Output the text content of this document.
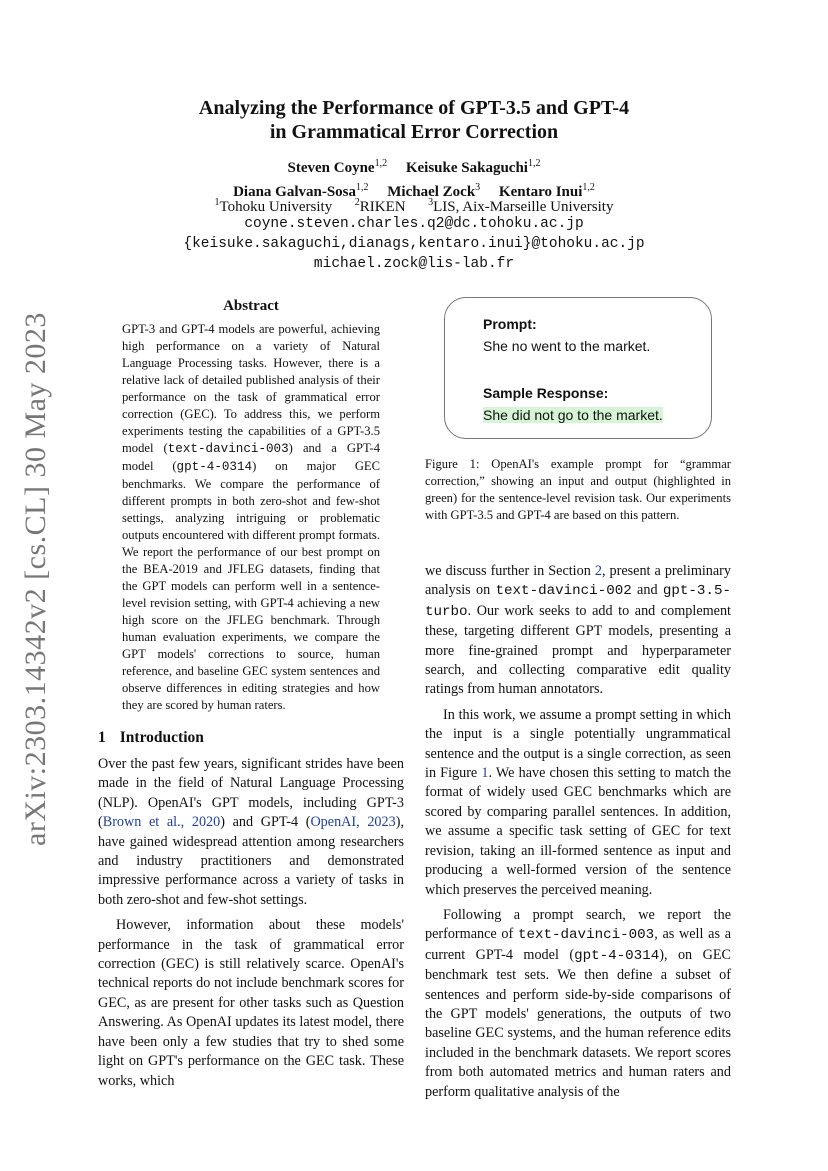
arXiv:2303.14342v2 [cs.CL] 30 May 2023
Analyzing the Performance of GPT-3.5 and GPT-4
in Grammatical Error Correction
Steven Coyne$^{1,2}$ Keisuke Sakaguchi$^{1,2}$
Diana Galvan-Sosa$^{1,2}$ Michael Zock$^3$ Kentaro Inui$^{1,2}$
$^1$Tohoku University $^2$RIKEN $^3$LIS, Aix-Marseille University
coyne.steven.charles.q2@dc.tohoku.ac.jp
{keisuke.sakaguchi,dianags,kentaro.inui}@tohoku.ac.jp
michael.zock@lis-lab.fr
Abstract
GPT-3 and GPT-4 models are powerful, achieving high performance on a variety of Natural Language Processing tasks. However, there is a relative lack of detailed published analysis of their performance on the task of grammatical error correction (GEC). To address this, we perform experiments testing the capabilities of a GPT-3.5 model (text-davinci-003) and a GPT-4 model (gpt-4-0314) on major GEC benchmarks. We compare the performance of different prompts in both zero-shot and few-shot settings, analyzing intriguing or problematic outputs encountered with different prompt formats. We report the performance of our best prompt on the BEA-2019 and JFLEG datasets, finding that the GPT models can perform well in a sentence-level revision setting, with GPT-4 achieving a new high score on the JFLEG benchmark. Through human evaluation experiments, we compare the GPT models' corrections to source, human reference, and baseline GEC system sentences and observe differences in editing strategies and how they are scored by human raters.
Prompt:
She no went to the market.
Sample Response:
She did not go to the market.
Figure 1: OpenAI's example prompt for “grammar correction,” showing an input and output (highlighted in green) for the sentence-level revision task. Our experiments with GPT-3.5 and GPT-4 are based on this pattern.
1 Introduction

Over the past few years, significant strides have been made in the field of Natural Language Processing (NLP). OpenAI's GPT models, including GPT-3 (Brown et al., 2020) and GPT-4 (OpenAI, 2023), have gained widespread attention among researchers and industry practitioners and demonstrated impressive performance across a variety of tasks in both zero-shot and few-shot settings.

However, information about these models' performance in the task of grammatical error correction (GEC) is still relatively scarce. OpenAI's technical reports do not include benchmark scores for GEC, as are present for other tasks such as Question Answering. As OpenAI updates its latest model, there have been only a few studies that try to shed some light on GPT's performance on the GEC task. These works, which

we discuss further in Section 2, present a preliminary analysis on text-davinci-002 and gpt-3.5-turbo. Our work seeks to add to and complement these, targeting different GPT models, presenting a more fine-grained prompt and hyperparameter search, and collecting comparative edit quality ratings from human annotators.

In this work, we assume a prompt setting in which the input is a single potentially ungrammatical sentence and the output is a single correction, as seen in Figure 1. We have chosen this setting to match the format of widely used GEC benchmarks which are scored by comparing parallel sentences. In addition, we assume a specific task setting of GEC for text revision, taking an ill-formed sentence as input and producing a well-formed version of the sentence which preserves the perceived meaning.

Following a prompt search, we report the performance of text-davinci-003, as well as a current GPT-4 model (gpt-4-0314), on GEC benchmark test sets. We then define a subset of sentences and perform side-by-side comparisons of the GPT models' generations, the outputs of two baseline GEC systems, and the human reference edits included in the benchmark datasets. We report scores from both automated metrics and human raters and perform qualitative analysis of the
